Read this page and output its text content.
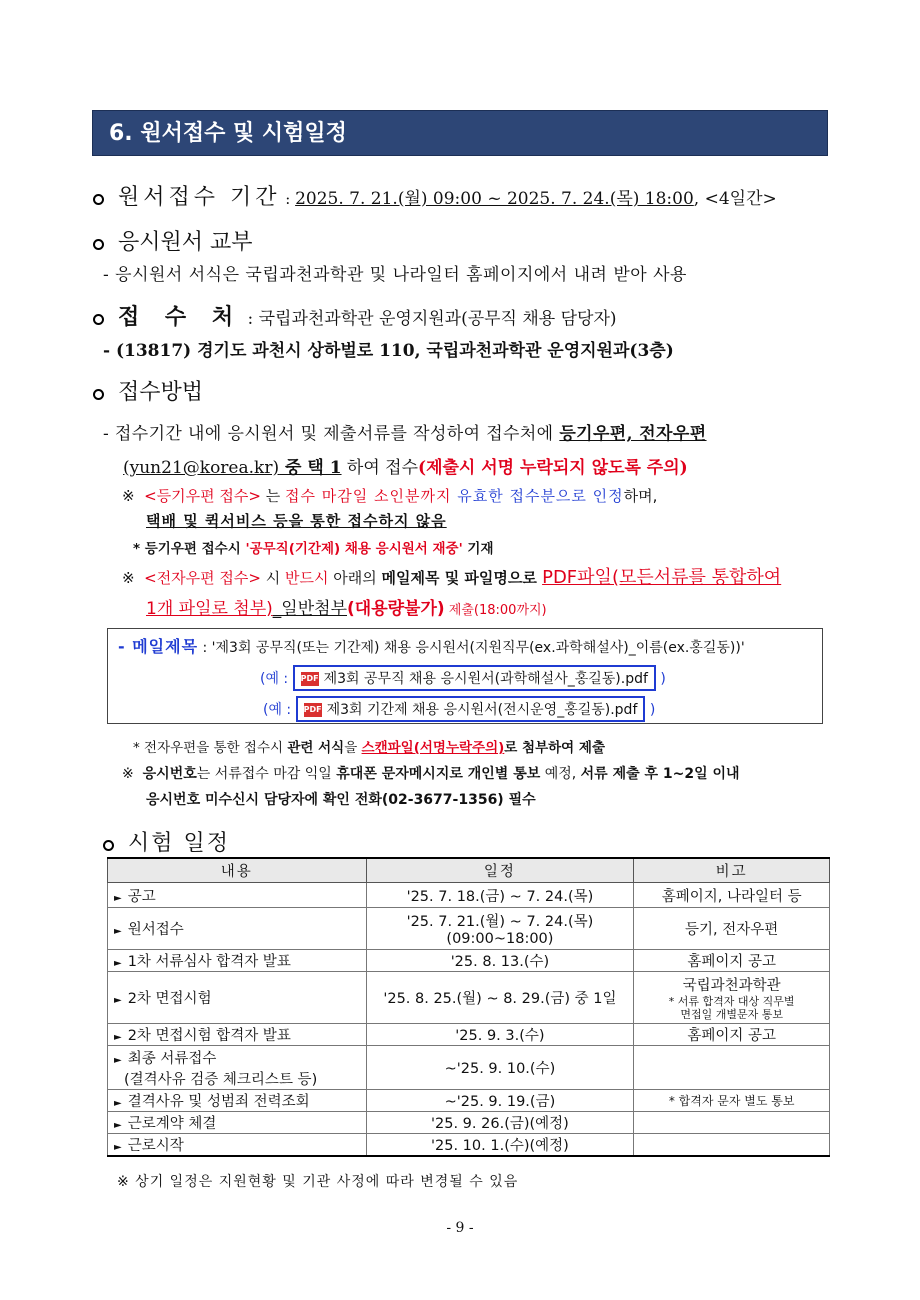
6. 원서접수 및 시험일정
원서접수 기간 : 2025. 7. 21.(월) 09:00 ~ 2025. 7. 24.(목) 18:00, <4일간>
응시원서 교부
- 응시원서 서식은 국립과천과학관 및 나라일터 홈페이지에서 내려 받아 사용
접 수 처 : 국립과천과학관 운영지원과(공무직 채용 담당자)
- (13817) 경기도 과천시 상하벌로 110, 국립과천과학관 운영지원과(3층)
접수방법
- 접수기간 내에 응시원서 및 제출서류를 작성하여 접수처에 등기우편, 전자우편
(yun21@korea.kr) 중 택 1 하여 접수(제출시 서명 누락되지 않도록 주의)
※ <등기우편 접수> 는 접수 마감일 소인분까지 유효한 접수분으로 인정하며,
택배 및 퀵서비스 등을 통한 접수하지 않음
* 등기우편 접수시 '공무직(기간제) 채용 응시원서 재중' 기재
※ <전자우편 접수> 시 반드시 아래의 메일제목 및 파일명으로 PDF파일(모든서류를 통합하여
1개 파일로 첨부)_일반첨부(대용량불가) 제출(18:00까지)
- 메일제목 : '제3회 공무직(또는 기간제) 채용 응시원서(지원직무(ex.과학해설사)_이름(ex.홍길동))'
(예 : PDF 제3회 공무직 채용 응시원서(과학해설사_홍길동).pdf )
(예 : PDF 제3회 기간제 채용 응시원서(전시운영_홍길동).pdf )
* 전자우편을 통한 접수시 관련 서식을 스캔파일(서명누락주의)로 첨부하여 제출
※ 응시번호는 서류접수 마감 익일 휴대폰 문자메시지로 개인별 통보 예정, 서류 제출 후 1~2일 이내
응시번호 미수신시 담당자에 확인 전화(02-3677-1356) 필수
시험 일정
내용	일정	비고
► 공고	'25. 7. 18.(금) ~ 7. 24.(목)	홈페이지, 나라일터 등
► 원서접수	'25. 7. 21.(월) ~ 7. 24.(목)
(09:00~18:00)	등기, 전자우편
► 1차 서류심사 합격자 발표	'25. 8. 13.(수)	홈페이지 공고
► 2차 면접시험	'25. 8. 25.(월) ~ 8. 29.(금) 중 1일	국립과천과학관
* 서류 합격자 대상 직무별
면접일 개별문자 통보

► 2차 면접시험 합격자 발표	'25. 9. 3.(수)	홈페이지 공고

► 최종 서류접수
(결격사유 검증 체크리스트 등)	~'25. 9. 10.(수)	
► 결격사유 및 성범죄 전력조회	~'25. 9. 19.(금)	* 합격자 문자 별도 통보
► 근로계약 체결	'25. 9. 26.(금)(예정)	
► 근로시작	'25. 10. 1.(수)(예정)	
※ 상기 일정은 지원현황 및 기관 사정에 따라 변경될 수 있음
- 9 -
